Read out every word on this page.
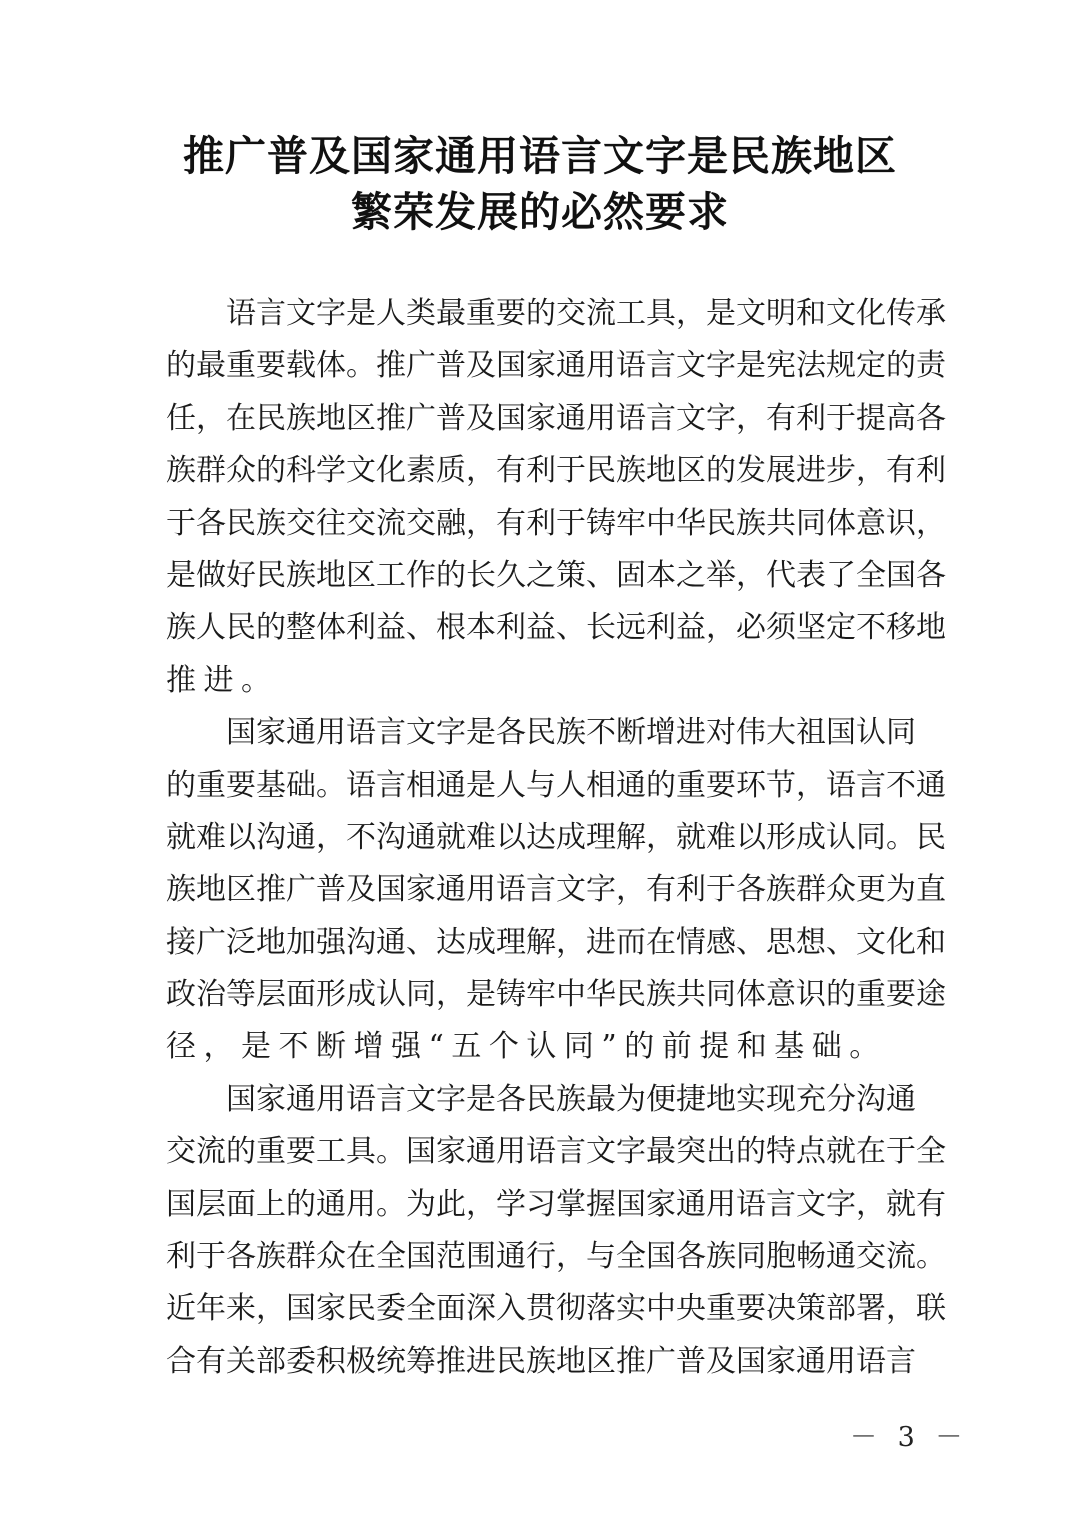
推广普及国家通用语言文字是民族地区
繁荣发展的必然要求
语 言 文 字 是 人 类 最 重 要 的 交 流 工 具 ， 是 文 明 和 文 化 传 承
的 最 重 要 载 体 。 推 广 普 及 国 家 通 用 语 言 文 字 是 宪 法 规 定 的 责
任 ， 在 民 族 地 区 推 广 普 及 国 家 通 用 语 言 文 字 ， 有 利 于 提 高 各
族 群 众 的 科 学 文 化 素 质 ， 有 利 于 民 族 地 区 的 发 展 进 步 ， 有 利
于 各 民 族 交 往 交 流 交 融 ， 有 利 于 铸 牢 中 华 民 族 共 同 体 意 识 ，
是 做 好 民 族 地 区 工 作 的 长 久 之 策 、 固 本 之 举 ， 代 表 了 全 国 各
族 人 民 的 整 体 利 益 、 根 本 利 益 、 长 远 利 益 ， 必 须 坚 定 不 移 地
推 进 。
国 家 通 用 语 言 文 字 是 各 民 族 不 断 增 进 对 伟 大 祖 国 认 同
的 重 要 基 础 。 语 言 相 通 是 人 与 人 相 通 的 重 要 环 节 ， 语 言 不 通
就 难 以 沟 通 ， 不 沟 通 就 难 以 达 成 理 解 ， 就 难 以 形 成 认 同 。 民
族 地 区 推 广 普 及 国 家 通 用 语 言 文 字 ， 有 利 于 各 族 群 众 更 为 直
接 广 泛 地 加 强 沟 通 、 达 成 理 解 ， 进 而 在 情 感 、 思 想 、 文 化 和
政 治 等 层 面 形 成 认 同 ， 是 铸 牢 中 华 民 族 共 同 体 意 识 的 重 要 途
径 ， 是 不 断 增 强 “ 五 个 认 同 ” 的 前 提 和 基 础 。
国 家 通 用 语 言 文 字 是 各 民 族 最 为 便 捷 地 实 现 充 分 沟 通
交 流 的 重 要 工 具 。 国 家 通 用 语 言 文 字 最 突 出 的 特 点 就 在 于 全
国 层 面 上 的 通 用 。 为 此 ， 学 习 掌 握 国 家 通 用 语 言 文 字 ， 就 有
利 于 各 族 群 众 在 全 国 范 围 通 行 ， 与 全 国 各 族 同 胞 畅 通 交 流 。
近 年 来 ， 国 家 民 委 全 面 深 入 贯 彻 落 实 中 央 重 要 决 策 部 署 ， 联
合 有 关 部 委 积 极 统 筹 推 进 民 族 地 区 推 广 普 及 国 家 通 用 语 言
－ 3 －
